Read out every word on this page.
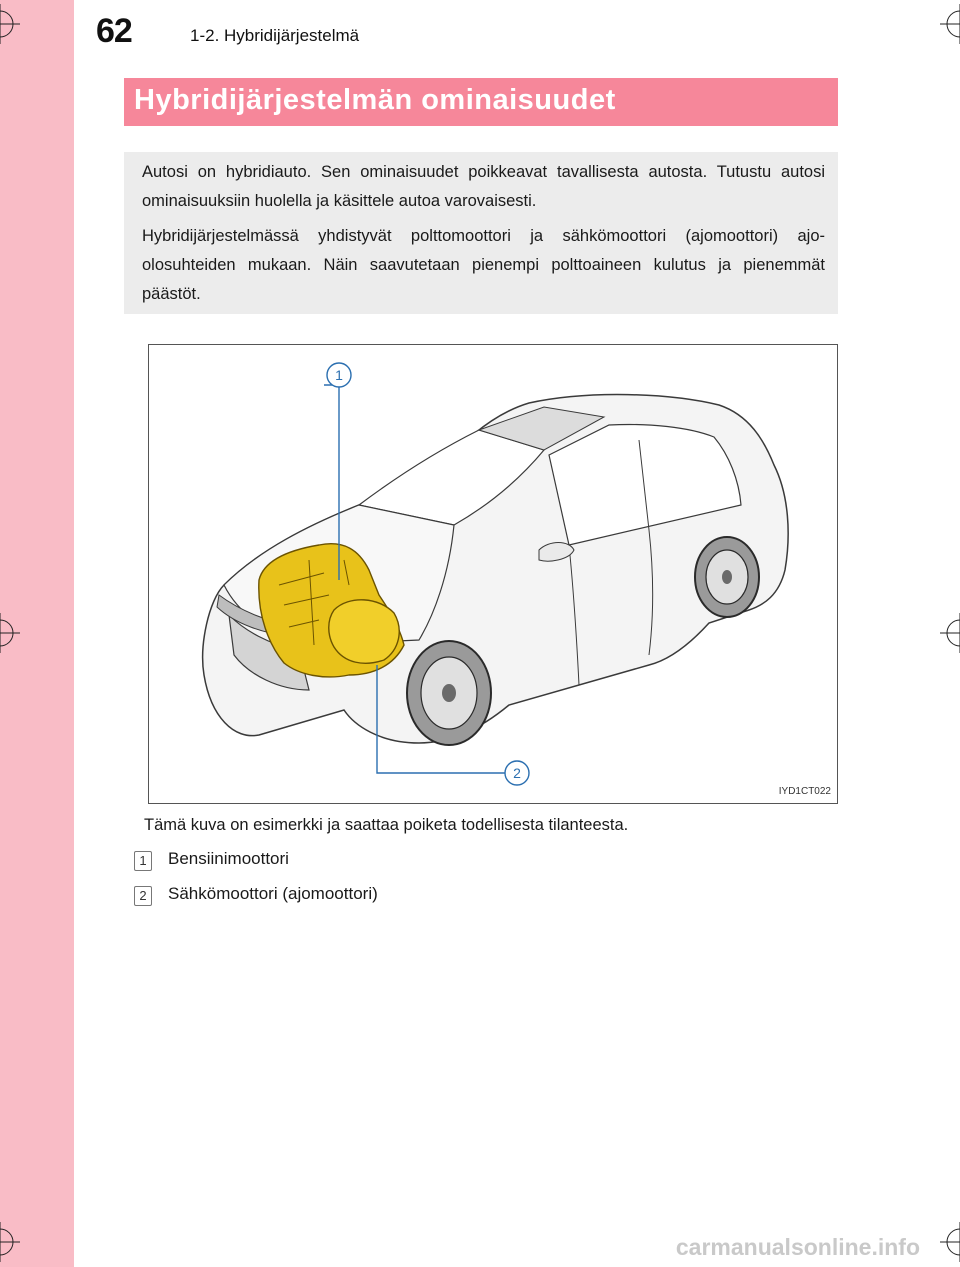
62	1-2. Hybridijärjestelmä
Hybridijärjestelmän ominaisuudet

Autosi on hybridiauto. Sen ominaisuudet poikkeavat tavallisesta autosta. Tutustu autosi ominaisuuksiin huolella ja käsittele autoa varovaisesti.

Hybridijärjestelmässä yhdistyvät polttomoottori ja sähkömoottori (ajomoottori) ajo-olosuhteiden mukaan. Näin saavutetaan pienempi polttoaineen kulutus ja pienemmät päästöt.

1
2
IYD1CT022
Tämä kuva on esimerkki ja saattaa poiketa todellisesta tilanteesta.
1	Bensiinimoottori
2	Sähkömoottori (ajomoottori)
carmanualsonline.info
